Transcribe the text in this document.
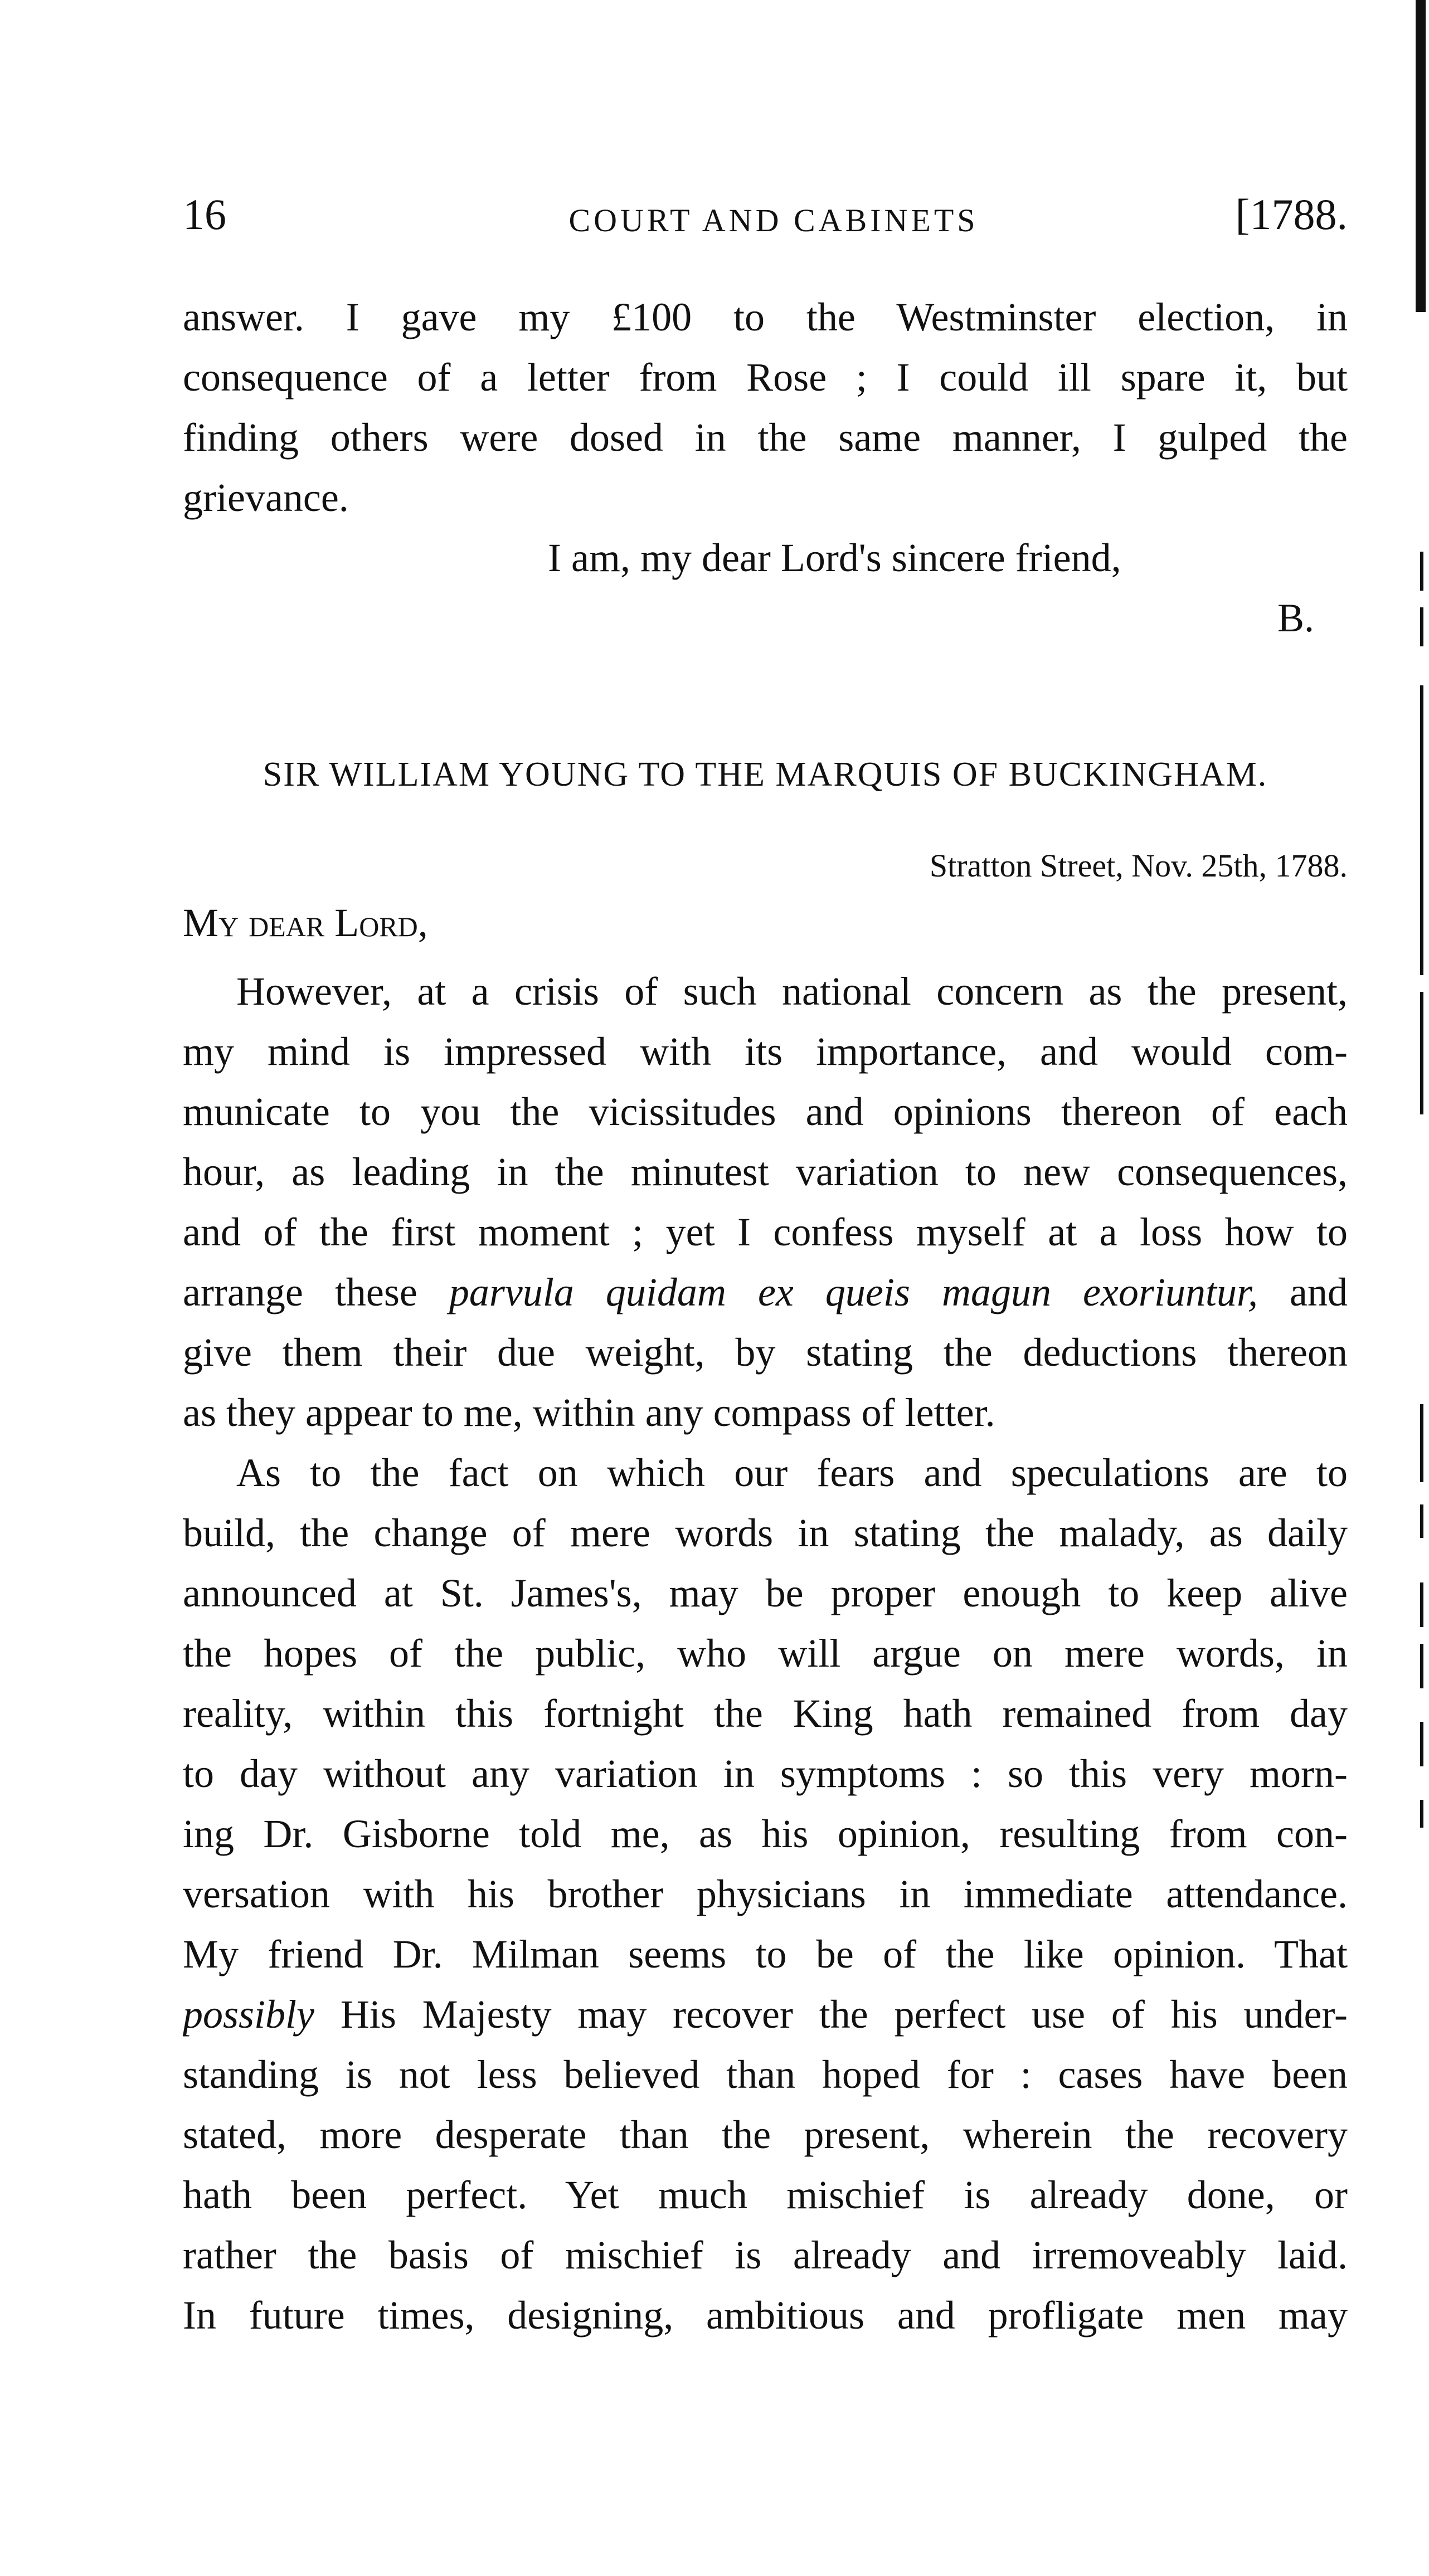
16	COURT AND CABINETS	[1788.
answer. I gave my £100 to the Westminster election, in
consequence of a letter from Rose ; I could ill spare it, but
finding others were dosed in the same manner, I gulped the
grievance.
I am, my dear Lord's sincere friend,
B.
SIR WILLIAM YOUNG TO THE MARQUIS OF BUCKINGHAM.
Stratton Street, Nov. 25th, 1788.
My dear Lord,
However, at a crisis of such national concern as the present,
my mind is impressed with its importance, and would com-
municate to you the vicissitudes and opinions thereon of each
hour, as leading in the minutest variation to new consequences,
and of the first moment ; yet I confess myself at a loss how to
arrange these parvula quidam ex queis magun exoriuntur, and
give them their due weight, by stating the deductions thereon
as they appear to me, within any compass of letter.
As to the fact on which our fears and speculations are to
build, the change of mere words in stating the malady, as daily
announced at St. James's, may be proper enough to keep alive
the hopes of the public, who will argue on mere words, in
reality, within this fortnight the King hath remained from day
to day without any variation in symptoms : so this very morn-
ing Dr. Gisborne told me, as his opinion, resulting from con-
versation with his brother physicians in immediate attendance.
My friend Dr. Milman seems to be of the like opinion. That
possibly His Majesty may recover the perfect use of his under-
standing is not less believed than hoped for : cases have been
stated, more desperate than the present, wherein the recovery
hath been perfect. Yet much mischief is already done, or
rather the basis of mischief is already and irremoveably laid.
In future times, designing, ambitious and profligate men may
